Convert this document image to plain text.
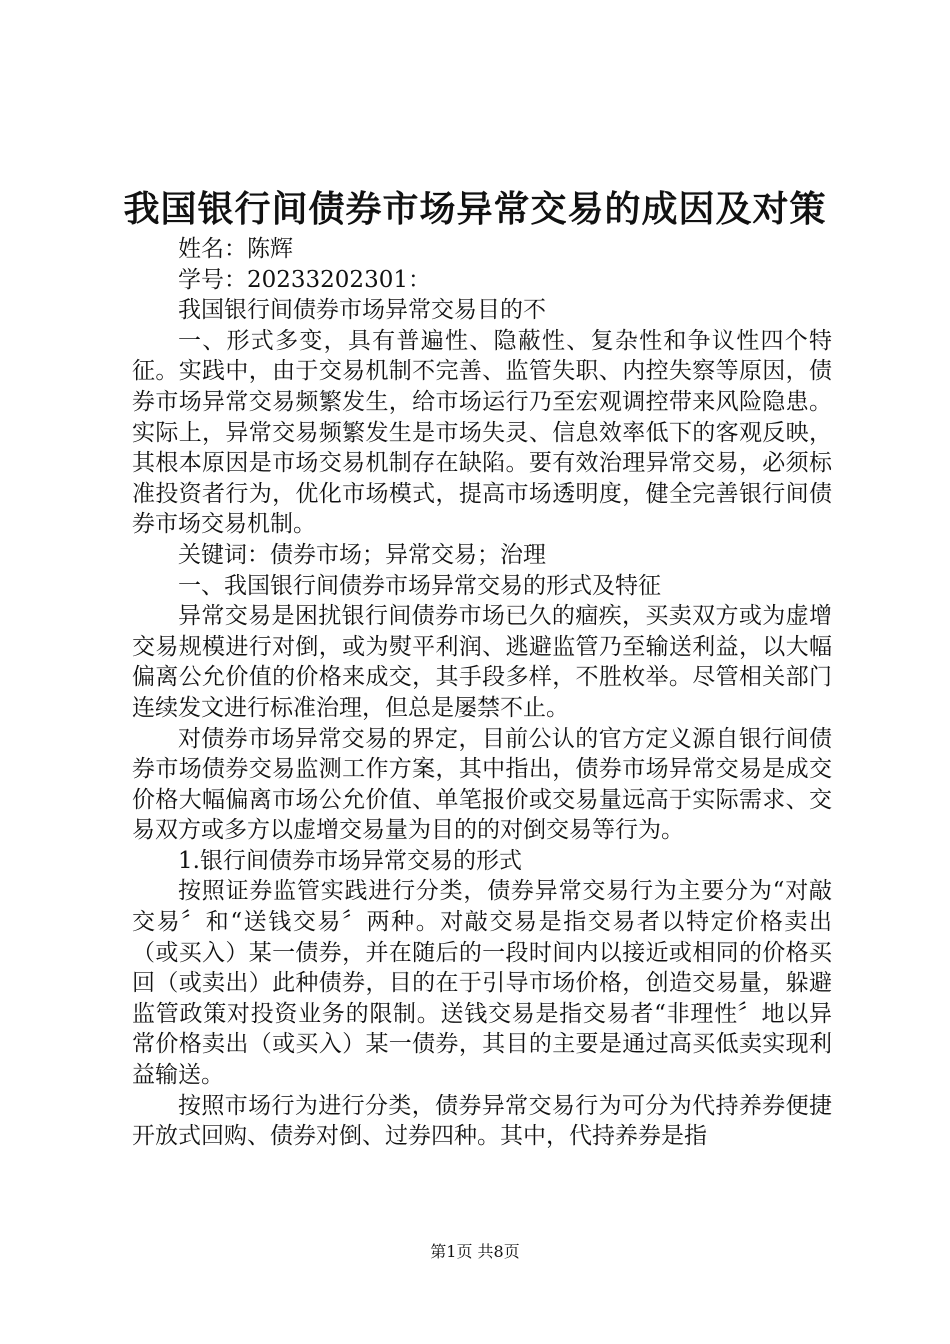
我国银行间债券市场异常交易的成因及对策

姓名：陈辉

学号：20233202301：

我国银行间债券市场异常交易目的不

一、形式多变，具有普遍性、隐蔽性、复杂性和争议性四个特征。实践中，由于交易机制不完善、监管失职、内控失察等原因，债券市场异常交易频繁发生，给市场运行乃至宏观调控带来风险隐患。实际上，异常交易频繁发生是市场失灵、信息效率低下的客观反映，其根本原因是市场交易机制存在缺陷。要有效治理异常交易，必须标准投资者行为，优化市场模式，提高市场透明度，健全完善银行间债券市场交易机制。

关键词：债券市场；异常交易；治理

一、我国银行间债券市场异常交易的形式及特征

异常交易是困扰银行间债券市场已久的痼疾，买卖双方或为虚增交易规模进行对倒，或为熨平利润、逃避监管乃至输送利益，以大幅偏离公允价值的价格来成交，其手段多样，不胜枚举。尽管相关部门连续发文进行标准治理，但总是屡禁不止。

对债券市场异常交易的界定，目前公认的官方定义源自银行间债券市场债券交易监测工作方案，其中指出，债券市场异常交易是成交价格大幅偏离市场公允价值、单笔报价或交易量远高于实际需求、交易双方或多方以虚增交易量为目的的对倒交易等行为。

1.银行间债券市场异常交易的形式

按照证券监管实践进行分类，债券异常交易行为主要分为“对敲交易〞和“送钱交易〞两种。对敲交易是指交易者以特定价格卖出（或买入）某一债券，并在随后的一段时间内以接近或相同的价格买回（或卖出）此种债券，目的在于引导市场价格，创造交易量，躲避监管政策对投资业务的限制。送钱交易是指交易者“非理性〞地以异常价格卖出（或买入）某一债券，其目的主要是通过高买低卖实现利益输送。

按照市场行为进行分类，债券异常交易行为可分为代持养券便捷开放式回购、债券对倒、过券四种。其中，代持养券是指

第1页 共8页
